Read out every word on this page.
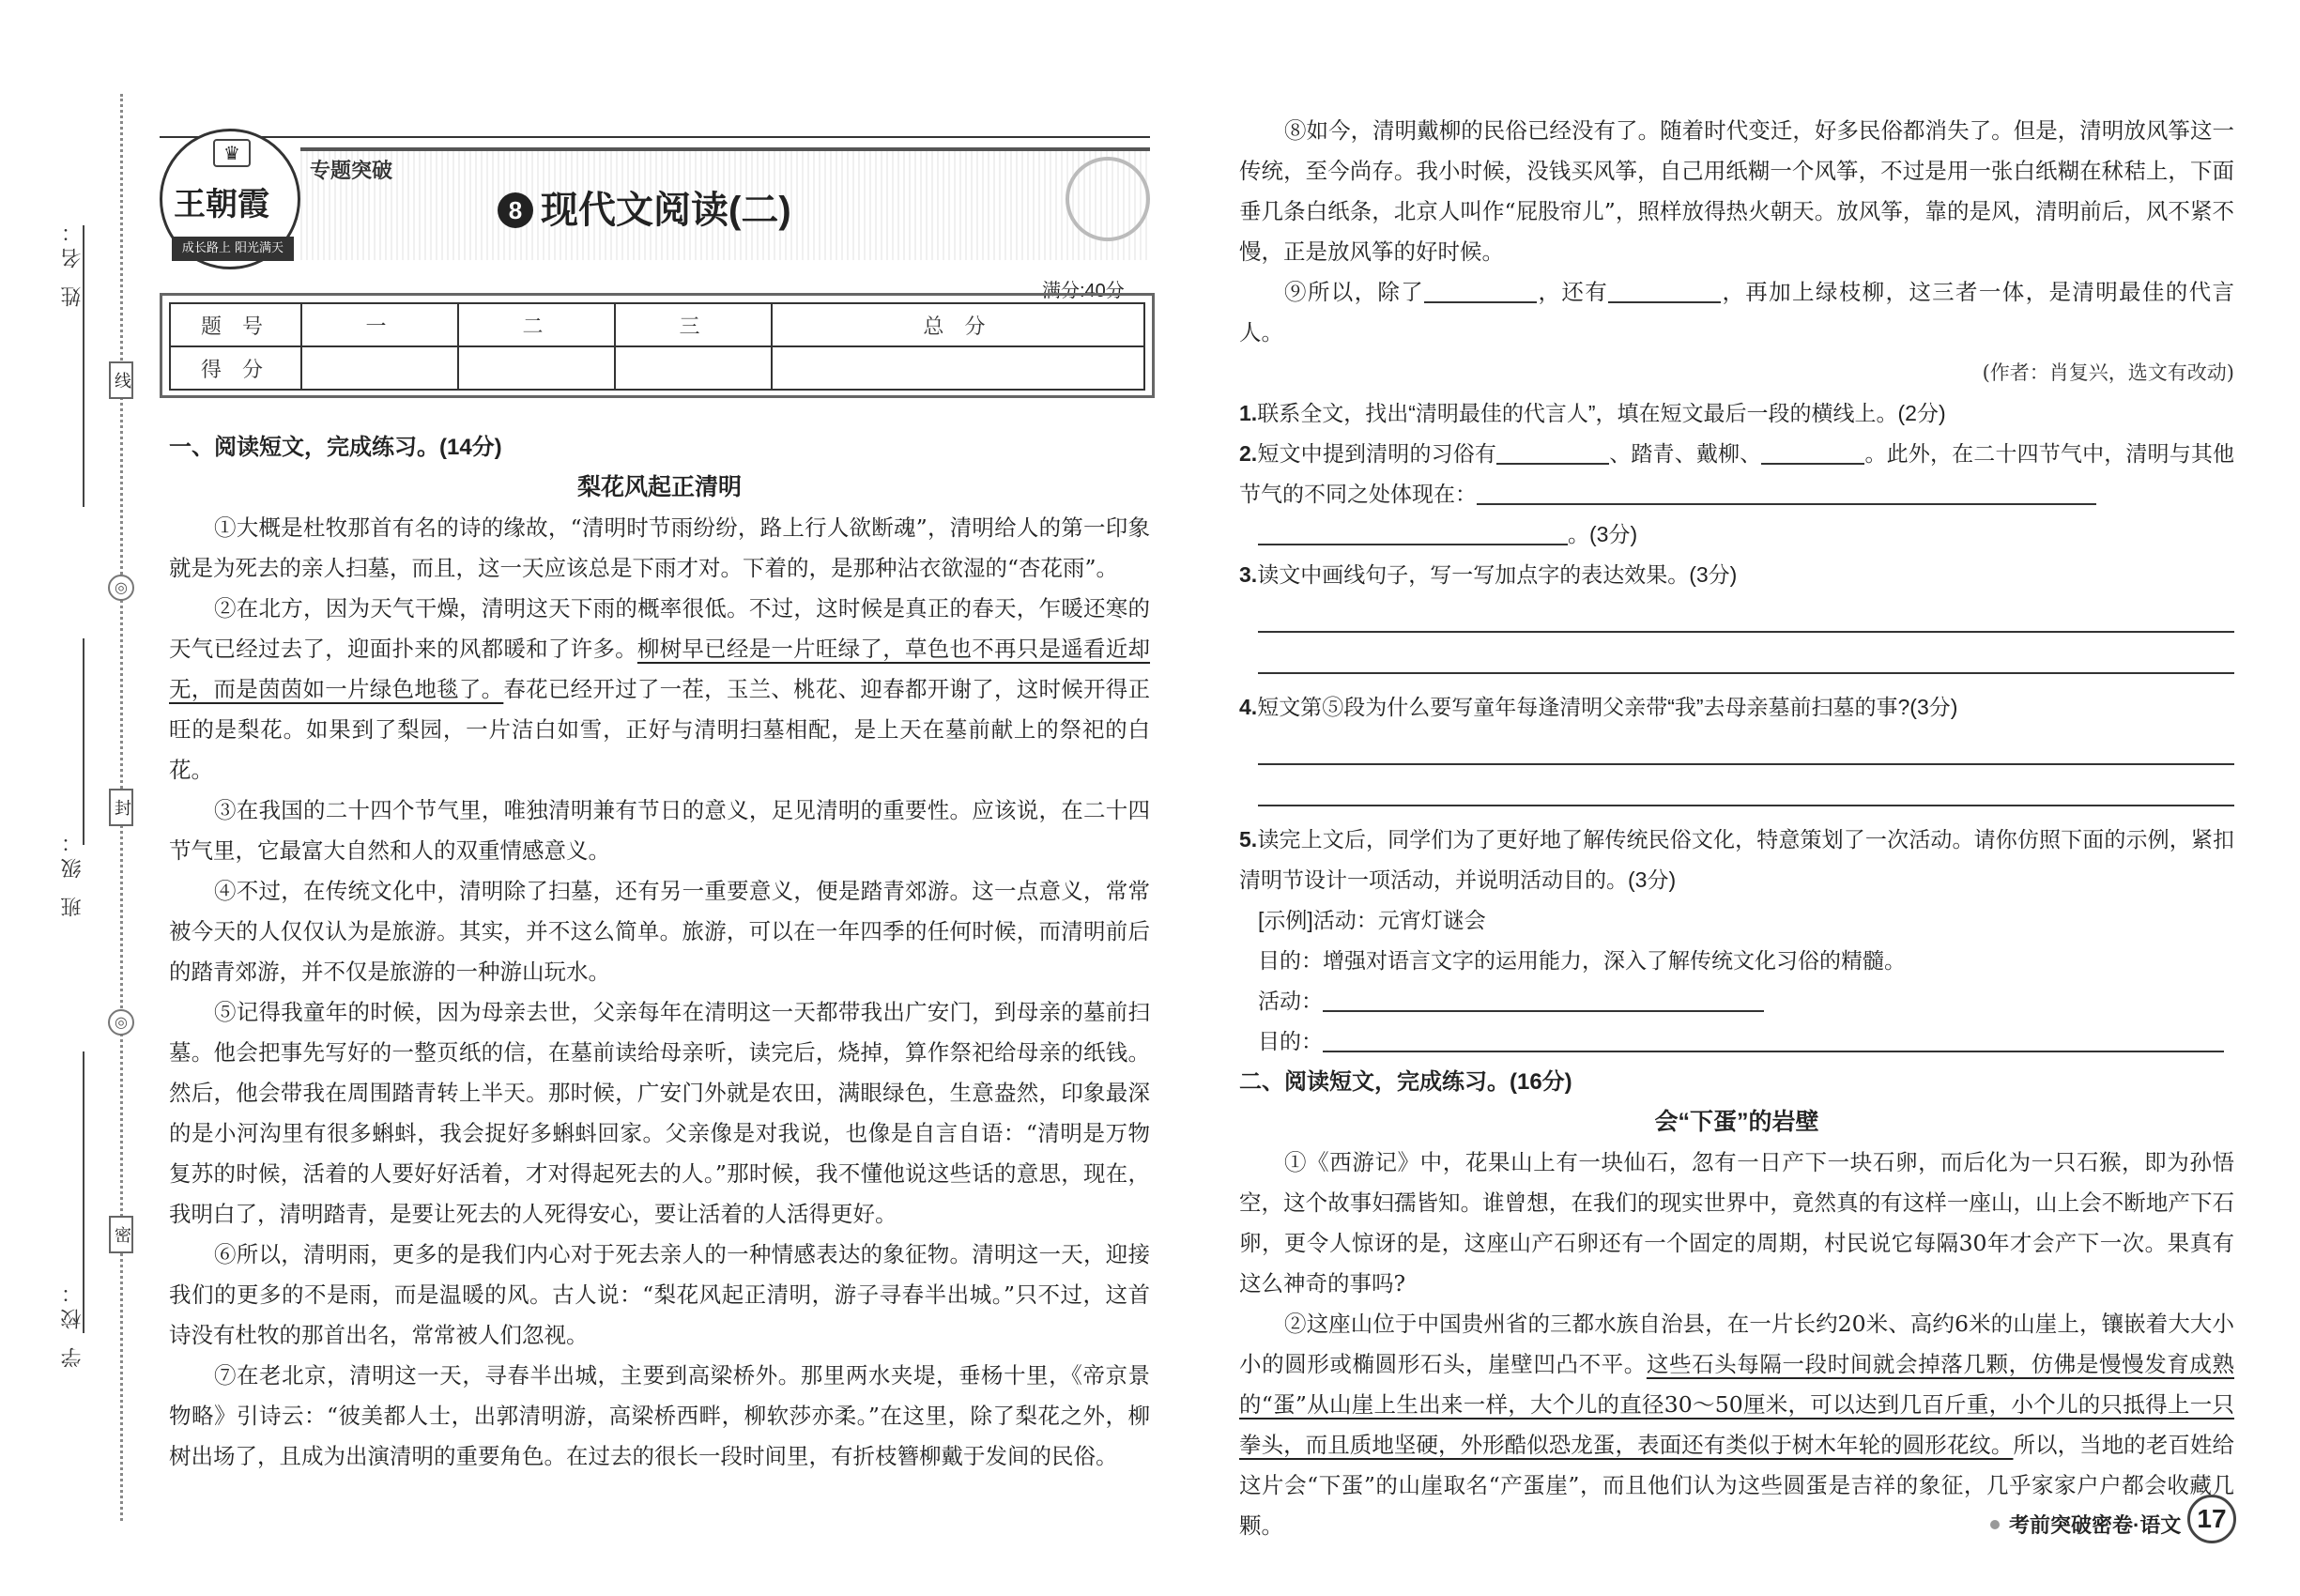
姓 名：
班 级：
学 校：
线
封
密
◎
◎
♛
王朝霞
成长路上 阳光满天
专题突破
8 现代文阅读(二)
满分:40分
题 号	一	二	三	总 分
得 分				
一、阅读短文，完成练习。(14分)
梨花风起正清明
①大概是杜牧那首有名的诗的缘故，“清明时节雨纷纷，路上行人欲断魂”，清明给人的第一印象就是为死去的亲人扫墓，而且，这一天应该总是下雨才对。下着的，是那种沾衣欲湿的“杏花雨”。
②在北方，因为天气干燥，清明这天下雨的概率很低。不过，这时候是真正的春天，乍暖还寒的天气已经过去了，迎面扑来的风都暖和了许多。柳树早已经是一片旺绿了，草色也不再只是遥看近却无，而是茵茵如一片绿色地毯了。春花已经开过了一茬，玉兰、桃花、迎春都开谢了，这时候开得正旺的是梨花。如果到了梨园，一片洁白如雪，正好与清明扫墓相配，是上天在墓前献上的祭祀的白花。
③在我国的二十四个节气里，唯独清明兼有节日的意义，足见清明的重要性。应该说，在二十四节气里，它最富大自然和人的双重情感意义。
④不过，在传统文化中，清明除了扫墓，还有另一重要意义，便是踏青郊游。这一点意义，常常被今天的人仅仅认为是旅游。其实，并不这么简单。旅游，可以在一年四季的任何时候，而清明前后的踏青郊游，并不仅是旅游的一种游山玩水。
⑤记得我童年的时候，因为母亲去世，父亲每年在清明这一天都带我出广安门，到母亲的墓前扫墓。他会把事先写好的一整页纸的信，在墓前读给母亲听，读完后，烧掉，算作祭祀给母亲的纸钱。然后，他会带我在周围踏青转上半天。那时候，广安门外就是农田，满眼绿色，生意盎然，印象最深的是小河沟里有很多蝌蚪，我会捉好多蝌蚪回家。父亲像是对我说，也像是自言自语：“清明是万物复苏的时候，活着的人要好好活着，才对得起死去的人。”那时候，我不懂他说这些话的意思，现在，我明白了，清明踏青，是要让死去的人死得安心，要让活着的人活得更好。
⑥所以，清明雨，更多的是我们内心对于死去亲人的一种情感表达的象征物。清明这一天，迎接我们的更多的不是雨，而是温暖的风。古人说：“梨花风起正清明，游子寻春半出城。”只不过，这首诗没有杜牧的那首出名，常常被人们忽视。
⑦在老北京，清明这一天，寻春半出城，主要到高梁桥外。那里两水夹堤，垂杨十里，《帝京景物略》引诗云：“彼美都人士，出郭清明游，高梁桥西畔，柳软莎亦柔。”在这里，除了梨花之外，柳树出场了，且成为出演清明的重要角色。在过去的很长一段时间里，有折枝簪柳戴于发间的民俗。
⑧如今，清明戴柳的民俗已经没有了。随着时代变迁，好多民俗都消失了。但是，清明放风筝这一传统，至今尚存。我小时候，没钱买风筝，自己用纸糊一个风筝，不过是用一张白纸糊在秫秸上，下面垂几条白纸条，北京人叫作“屁股帘儿”，照样放得热火朝天。放风筝，靠的是风，清明前后，风不紧不慢，正是放风筝的好时候。
⑨所以，除了	，还有	，再加上绿枝柳，这三者一体，是清明最佳的代言人。
(作者：肖复兴，选文有改动)
1.联系全文，找出“清明最佳的代言人”，填在短文最后一段的横线上。(2分)
2.短文中提到清明的习俗有	、踏青、戴柳、	。此外，在二十四节气中，清明与其他节气的不同之处体现在：
。(3分)
3.读文中画线句子，写一写加点字的表达效果。(3分)
4.短文第⑤段为什么要写童年每逢清明父亲带“我”去母亲墓前扫墓的事?(3分)
5.读完上文后，同学们为了更好地了解传统民俗文化，特意策划了一次活动。请你仿照下面的示例，紧扣清明节设计一项活动，并说明活动目的。(3分)
[示例]活动：元宵灯谜会
目的：增强对语言文字的运用能力，深入了解传统文化习俗的精髓。
活动：
目的：
二、阅读短文，完成练习。(16分)
会“下蛋”的岩壁
①《西游记》中，花果山上有一块仙石，忽有一日产下一块石卵，而后化为一只石猴，即为孙悟空，这个故事妇孺皆知。谁曾想，在我们的现实世界中，竟然真的有这样一座山，山上会不断地产下石卵，更令人惊讶的是，这座山产石卵还有一个固定的周期，村民说它每隔30年才会产下一次。果真有这么神奇的事吗?
②这座山位于中国贵州省的三都水族自治县，在一片长约20米、高约6米的山崖上，镶嵌着大大小小的圆形或椭圆形石头，崖壁凹凸不平。这些石头每隔一段时间就会掉落几颗，仿佛是慢慢发育成熟的“蛋”从山崖上生出来一样，大个儿的直径30～50厘米，可以达到几百斤重，小个儿的只抵得上一只拳头，而且质地坚硬，外形酷似恐龙蛋，表面还有类似于树木年轮的圆形花纹。所以，当地的老百姓给这片会“下蛋”的山崖取名“产蛋崖”，而且他们认为这些圆蛋是吉祥的象征，几乎家家户户都会收藏几颗。	考前突破密卷·语文 17
